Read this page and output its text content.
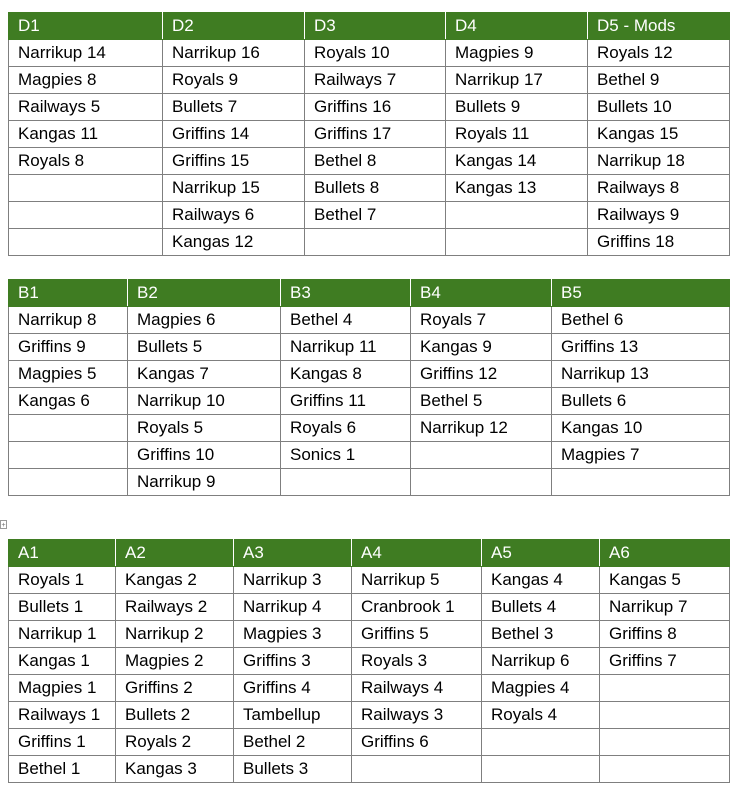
D1	D2	D3	D4	D5 - Mods
Narrikup 14	Narrikup 16	Royals 10	Magpies 9	Royals 12
Magpies 8	Royals 9	Railways 7	Narrikup 17	Bethel 9
Railways 5	Bullets 7	Griffins 16	Bullets 9	Bullets 10
Kangas 11	Griffins 14	Griffins 17	Royals 11	Kangas 15
Royals 8	Griffins 15	Bethel 8	Kangas 14	Narrikup 18
	Narrikup 15	Bullets 8	Kangas 13	Railways 8
	Railways 6	Bethel 7		Railways 9
	Kangas 12			Griffins 18
B1	B2	B3	B4	B5
Narrikup 8	Magpies 6	Bethel 4	Royals 7	Bethel 6
Griffins 9	Bullets 5	Narrikup 11	Kangas 9	Griffins 13
Magpies 5	Kangas 7	Kangas 8	Griffins 12	Narrikup 13
Kangas 6	Narrikup 10	Griffins 11	Bethel 5	Bullets 6
	Royals 5	Royals 6	Narrikup 12	Kangas 10
	Griffins 10	Sonics 1		Magpies 7
	Narrikup 9			
+
A1	A2	A3	A4	A5	A6
Royals 1	Kangas 2	Narrikup 3	Narrikup 5	Kangas 4	Kangas 5
Bullets 1	Railways 2	Narrikup 4	Cranbrook 1	Bullets 4	Narrikup 7
Narrikup 1	Narrikup 2	Magpies 3	Griffins 5	Bethel 3	Griffins 8
Kangas 1	Magpies 2	Griffins 3	Royals 3	Narrikup 6	Griffins 7
Magpies 1	Griffins 2	Griffins 4	Railways 4	Magpies 4	
Railways 1	Bullets 2	Tambellup	Railways 3	Royals 4	
Griffins 1	Royals 2	Bethel 2	Griffins 6		
Bethel 1	Kangas 3	Bullets 3			
